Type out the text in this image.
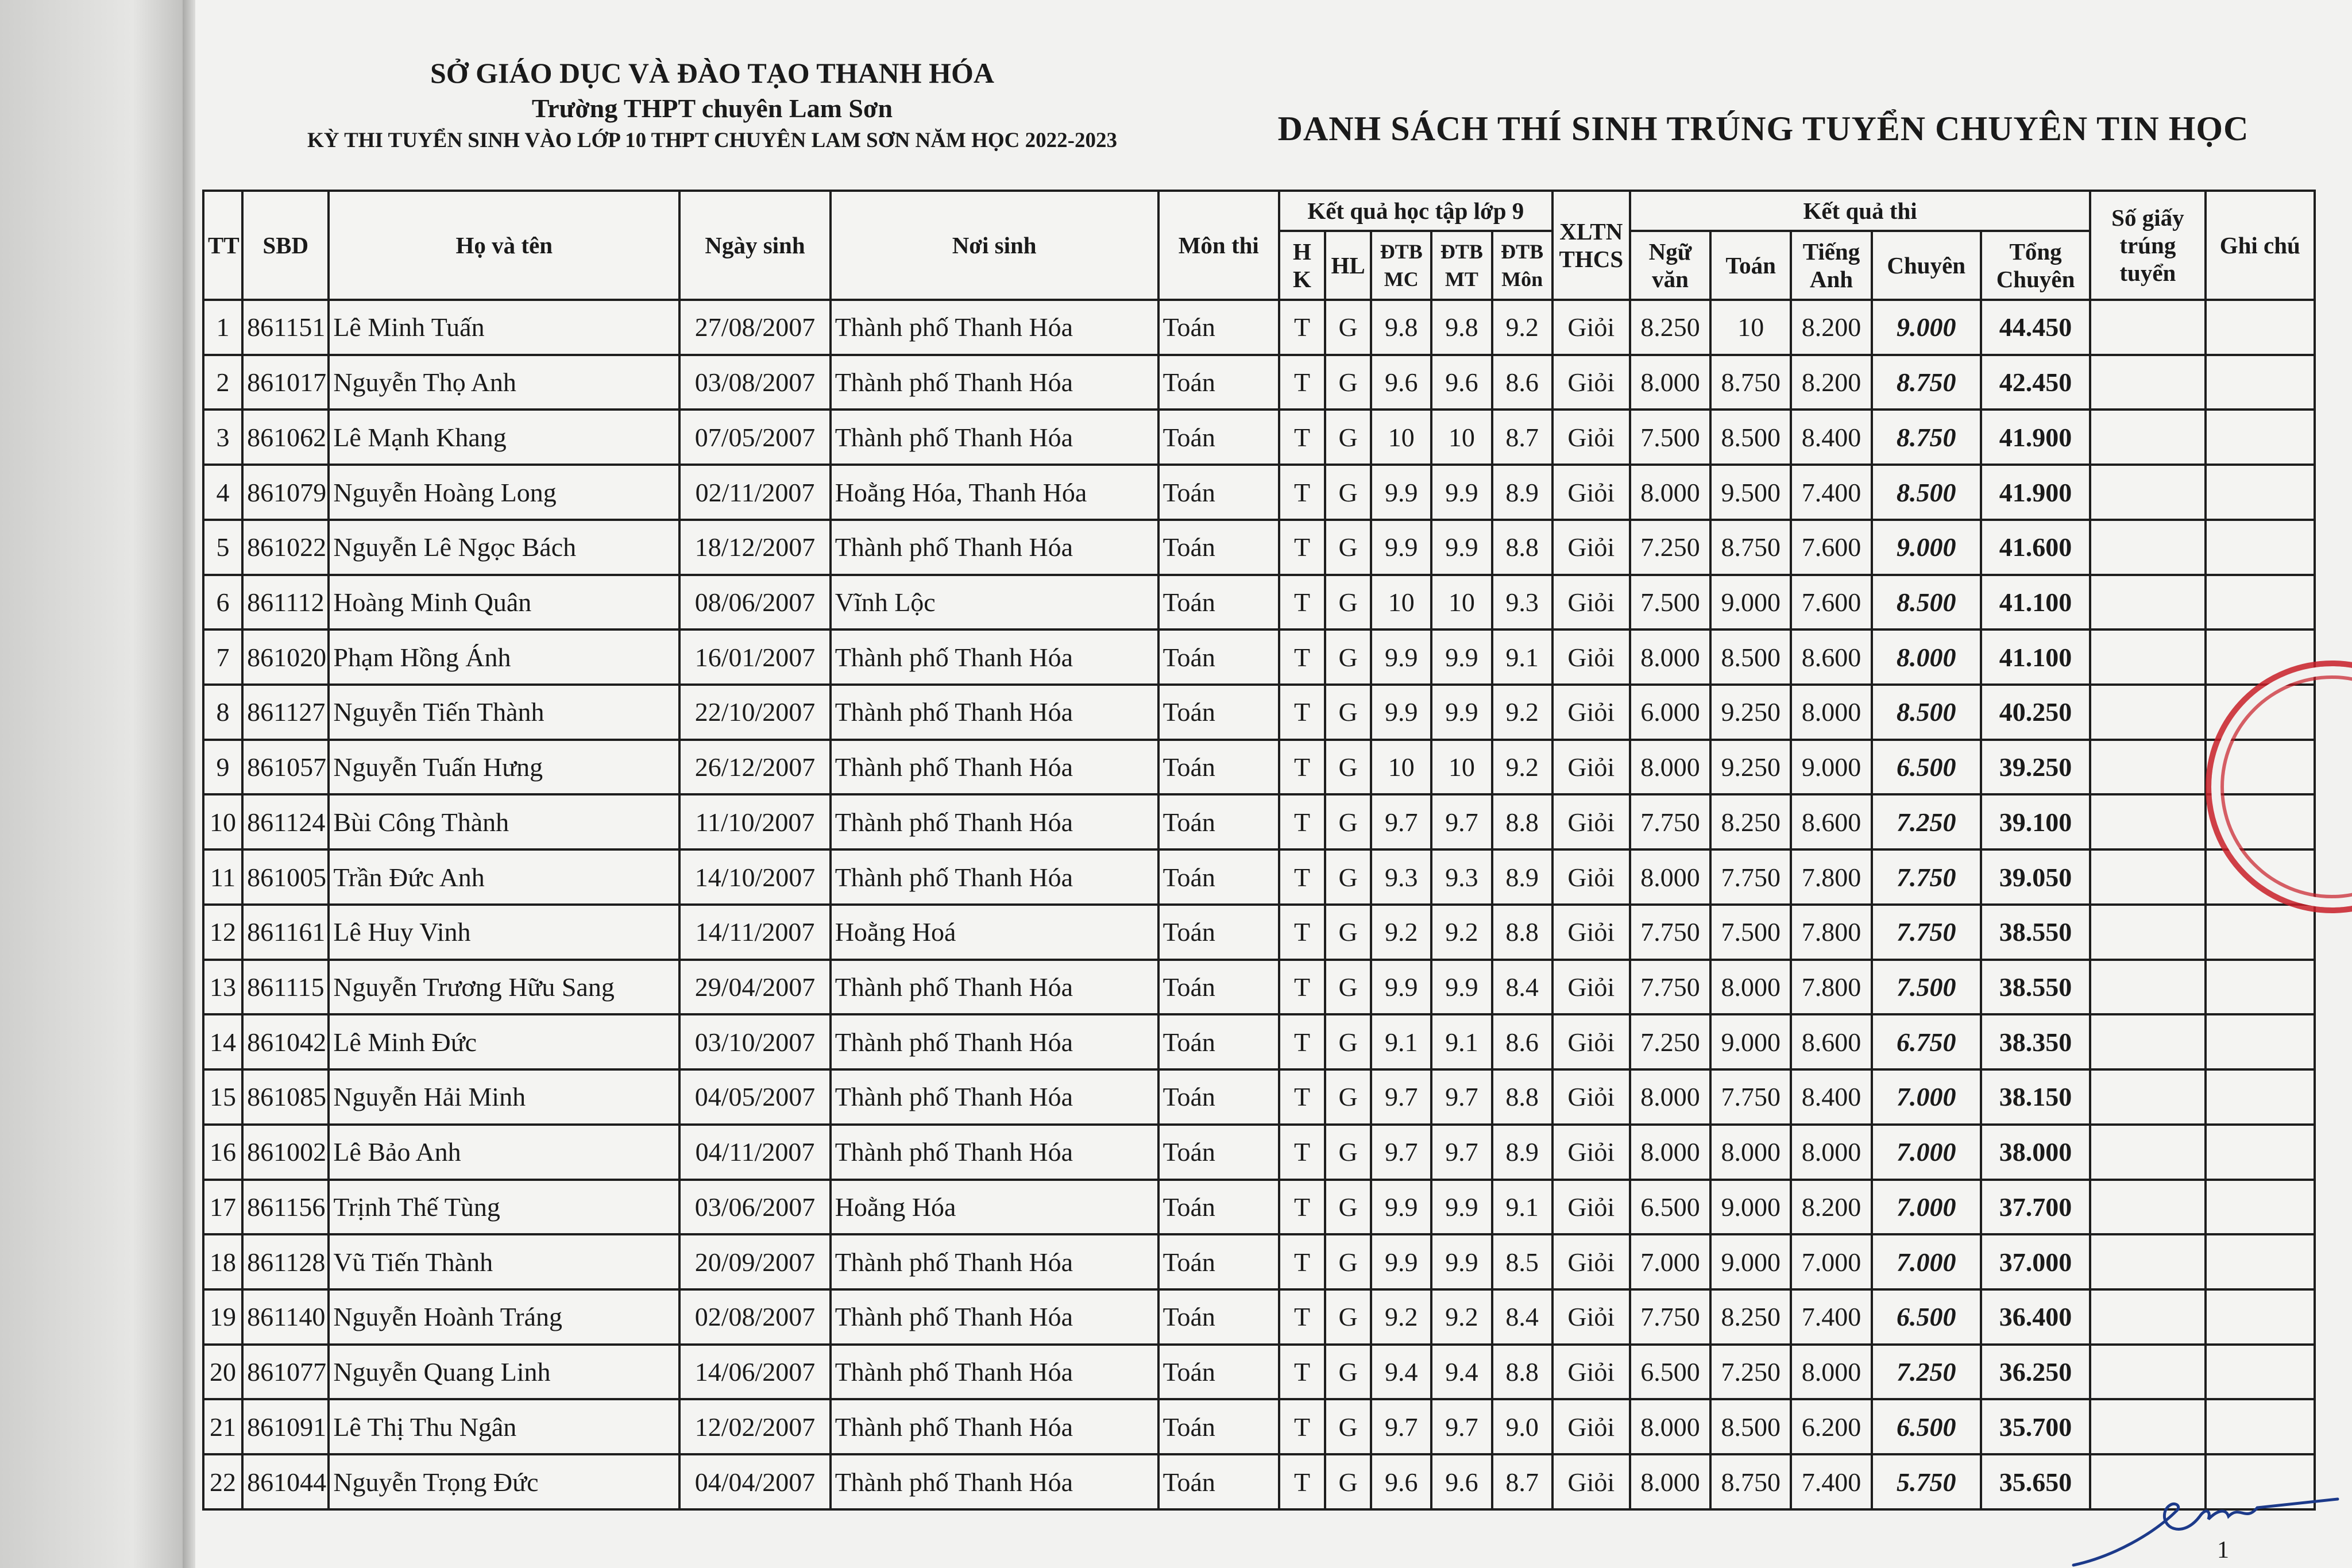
SỞ GIÁO DỤC VÀ ĐÀO TẠO THANH HÓA
Trường THPT chuyên Lam Sơn
KỲ THI TUYỂN SINH VÀO LỚP 10 THPT CHUYÊN LAM SƠN NĂM HỌC 2022-2023	DANH SÁCH THÍ SINH TRÚNG TUYỂN CHUYÊN TIN HỌC
TT	SBD	Họ và tên	Ngày sinh	Nơi sinh	Môn thi	Kết quả học tập lớp 9					XLTN THCS	Kết quả thi					Số giấy trúng tuyển	Ghi chú
						H K	HL	ĐTB MC	ĐTB MT	ĐTB Môn		Ngữ văn	Toán	Tiếng Anh	Chuyên	Tổng Chuyên		
1	861151	Lê Minh Tuấn	27/08/2007	Thành phố Thanh Hóa	Toán	T	G	9.8	9.8	9.2	Giỏi	8.250	10	8.200	9.000	44.450		
2	861017	Nguyễn Thọ Anh	03/08/2007	Thành phố Thanh Hóa	Toán	T	G	9.6	9.6	8.6	Giỏi	8.000	8.750	8.200	8.750	42.450		
3	861062	Lê Mạnh Khang	07/05/2007	Thành phố Thanh Hóa	Toán	T	G	10	10	8.7	Giỏi	7.500	8.500	8.400	8.750	41.900		
4	861079	Nguyễn Hoàng Long	02/11/2007	Hoằng Hóa, Thanh Hóa	Toán	T	G	9.9	9.9	8.9	Giỏi	8.000	9.500	7.400	8.500	41.900		
5	861022	Nguyễn Lê Ngọc Bách	18/12/2007	Thành phố Thanh Hóa	Toán	T	G	9.9	9.9	8.8	Giỏi	7.250	8.750	7.600	9.000	41.600		
6	861112	Hoàng Minh Quân	08/06/2007	Vĩnh Lộc	Toán	T	G	10	10	9.3	Giỏi	7.500	9.000	7.600	8.500	41.100		
7	861020	Phạm Hồng Ánh	16/01/2007	Thành phố Thanh Hóa	Toán	T	G	9.9	9.9	9.1	Giỏi	8.000	8.500	8.600	8.000	41.100		
8	861127	Nguyễn Tiến Thành	22/10/2007	Thành phố Thanh Hóa	Toán	T	G	9.9	9.9	9.2	Giỏi	6.000	9.250	8.000	8.500	40.250		
9	861057	Nguyễn Tuấn Hưng	26/12/2007	Thành phố Thanh Hóa	Toán	T	G	10	10	9.2	Giỏi	8.000	9.250	9.000	6.500	39.250		
10	861124	Bùi Công Thành	11/10/2007	Thành phố Thanh Hóa	Toán	T	G	9.7	9.7	8.8	Giỏi	7.750	8.250	8.600	7.250	39.100		
11	861005	Trần Đức Anh	14/10/2007	Thành phố Thanh Hóa	Toán	T	G	9.3	9.3	8.9	Giỏi	8.000	7.750	7.800	7.750	39.050		
12	861161	Lê Huy Vinh	14/11/2007	Hoằng Hoá	Toán	T	G	9.2	9.2	8.8	Giỏi	7.750	7.500	7.800	7.750	38.550		
13	861115	Nguyễn Trương Hữu Sang	29/04/2007	Thành phố Thanh Hóa	Toán	T	G	9.9	9.9	8.4	Giỏi	7.750	8.000	7.800	7.500	38.550		
14	861042	Lê Minh Đức	03/10/2007	Thành phố Thanh Hóa	Toán	T	G	9.1	9.1	8.6	Giỏi	7.250	9.000	8.600	6.750	38.350		
15	861085	Nguyễn Hải Minh	04/05/2007	Thành phố Thanh Hóa	Toán	T	G	9.7	9.7	8.8	Giỏi	8.000	7.750	8.400	7.000	38.150		
16	861002	Lê Bảo Anh	04/11/2007	Thành phố Thanh Hóa	Toán	T	G	9.7	9.7	8.9	Giỏi	8.000	8.000	8.000	7.000	38.000		
17	861156	Trịnh Thế Tùng	03/06/2007	Hoằng Hóa	Toán	T	G	9.9	9.9	9.1	Giỏi	6.500	9.000	8.200	7.000	37.700		
18	861128	Vũ Tiến Thành	20/09/2007	Thành phố Thanh Hóa	Toán	T	G	9.9	9.9	8.5	Giỏi	7.000	9.000	7.000	7.000	37.000		
19	861140	Nguyễn Hoành Tráng	02/08/2007	Thành phố Thanh Hóa	Toán	T	G	9.2	9.2	8.4	Giỏi	7.750	8.250	7.400	6.500	36.400		
20	861077	Nguyễn Quang Linh	14/06/2007	Thành phố Thanh Hóa	Toán	T	G	9.4	9.4	8.8	Giỏi	6.500	7.250	8.000	7.250	36.250		
21	861091	Lê Thị Thu Ngân	12/02/2007	Thành phố Thanh Hóa	Toán	T	G	9.7	9.7	9.0	Giỏi	8.000	8.500	6.200	6.500	35.700		
22	861044	Nguyễn Trọng Đức	04/04/2007	Thành phố Thanh Hóa	Toán	T	G	9.6	9.6	8.7	Giỏi	8.000	8.750	7.400	5.750	35.650		
1
